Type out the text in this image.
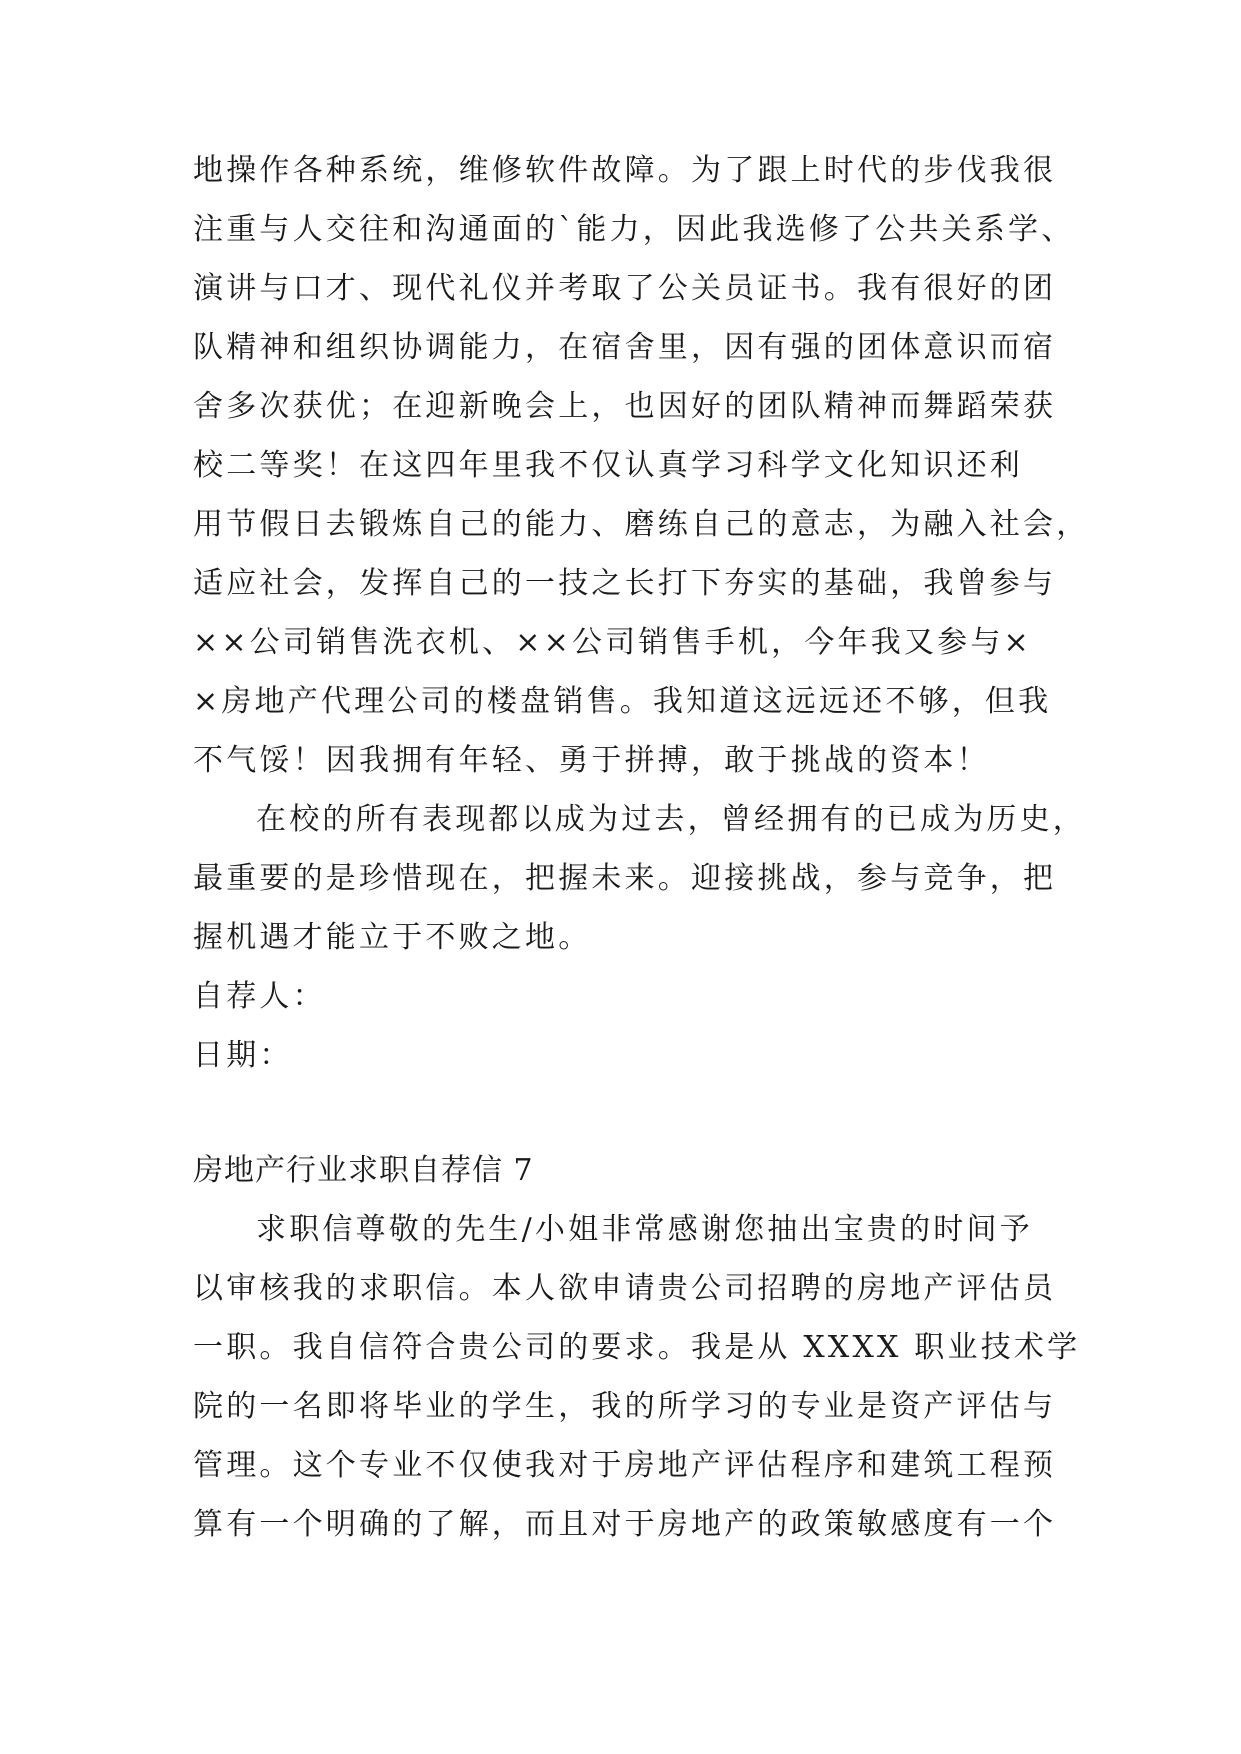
地操作各种系统，维修软件故障。为了跟上时代的步伐我很
注重与人交往和沟通面的`能力，因此我选修了公共关系学、
演讲与口才、现代礼仪并考取了公关员证书。我有很好的团
队精神和组织协调能力，在宿舍里，因有强的团体意识而宿
舍多次获优；在迎新晚会上，也因好的团队精神而舞蹈荣获
校二等奖！在这四年里我不仅认真学习科学文化知识还利
用节假日去锻炼自己的能力、磨练自己的意志，为融入社会，
适应社会，发挥自己的一技之长打下夯实的基础，我曾参与
××公司销售洗衣机、××公司销售手机，今年我又参与×
×房地产代理公司的楼盘销售。我知道这远远还不够，但我
不气馁！因我拥有年轻、勇于拼搏，敢于挑战的资本！
在校的所有表现都以成为过去，曾经拥有的已成为历史，
最重要的是珍惜现在，把握未来。迎接挑战，参与竞争，把
握机遇才能立于不败之地。
自荐人：
日期：
房地产行业求职自荐信 7
求职信尊敬的先生/小姐非常感谢您抽出宝贵的时间予
以审核我的求职信。本人欲申请贵公司招聘的房地产评估员
一职。我自信符合贵公司的要求。我是从 XXXX 职业技术学
院的一名即将毕业的学生，我的所学习的专业是资产评估与
管理。这个专业不仅使我对于房地产评估程序和建筑工程预
算有一个明确的了解，而且对于房地产的政策敏感度有一个
